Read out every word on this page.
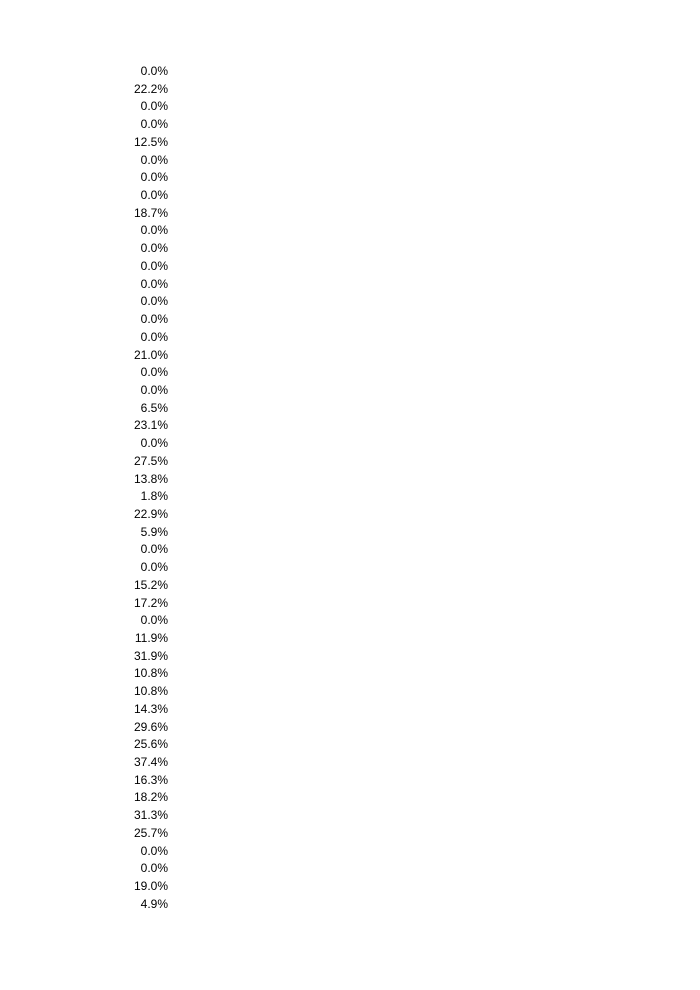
0.0%
22.2%
0.0%
0.0%
12.5%
0.0%
0.0%
0.0%
18.7%
0.0%
0.0%
0.0%
0.0%
0.0%
0.0%
0.0%
21.0%
0.0%
0.0%
6.5%
23.1%
0.0%
27.5%
13.8%
1.8%
22.9%
5.9%
0.0%
0.0%
15.2%
17.2%
0.0%
11.9%
31.9%
10.8%
10.8%
14.3%
29.6%
25.6%
37.4%
16.3%
18.2%
31.3%
25.7%
0.0%
0.0%
19.0%
4.9%
